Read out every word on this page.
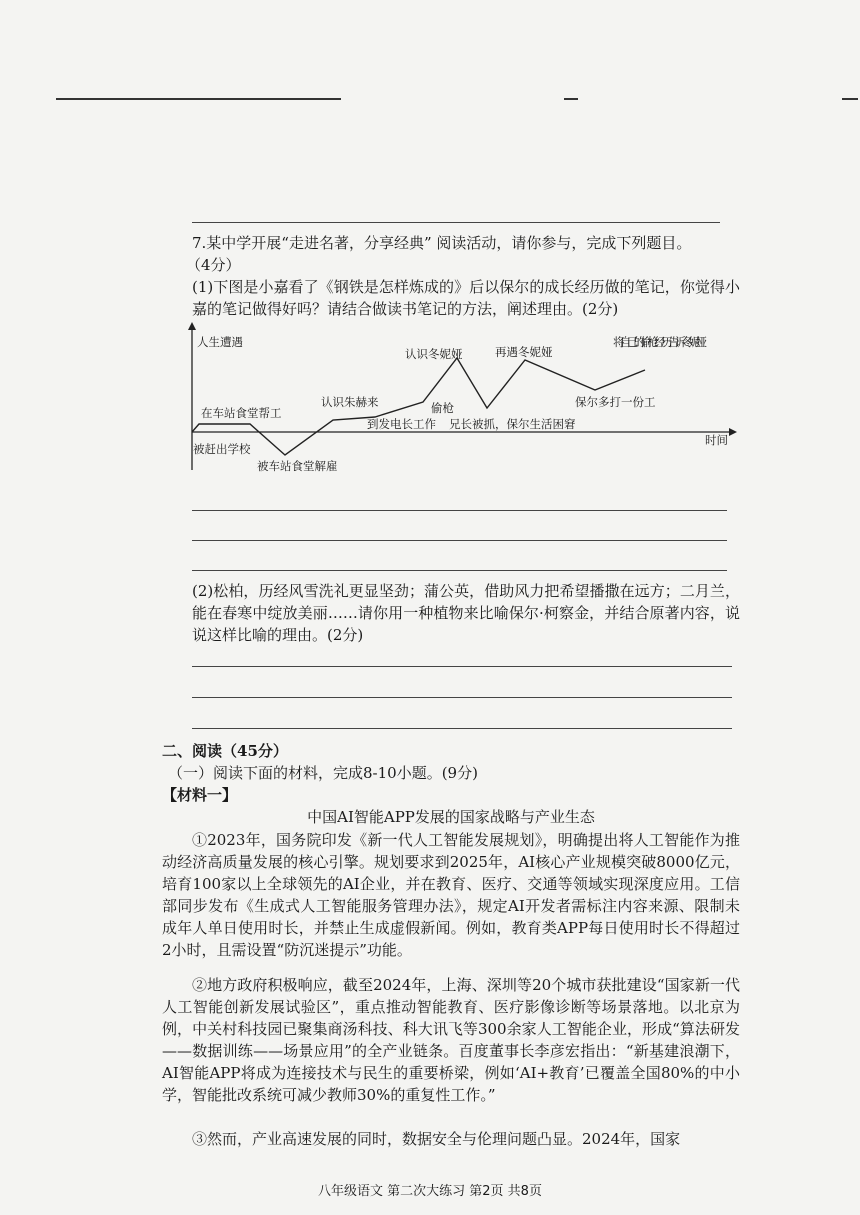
7.某中学开展“走进名著，分享经典” 阅读活动，请你参与，完成下列题目。
（4分）
(1)下图是小嘉看了《钢铁是怎样炼成的》后以保尔的成长经历做的笔记，你觉得小嘉的笔记做得好吗？请结合做读书笔记的方法，阐述理由。(2分)
人生遭遇
时间
在车站食堂帮工
被赶出学校
被车站食堂解雇
认识朱赫来
到发电长工作
偷枪
认识冬妮娅
兄长被抓，保尔生活困窘
再遇冬妮娅
保尔多打一份工
将自己的偷枪经历告诉冬妮娅
(2)松柏，历经风雪洗礼更显坚劲；蒲公英，借助风力把希望播撒在远方；二月兰，能在春寒中绽放美丽……请你用一种植物来比喻保尔·柯察金，并结合原著内容，说说这样比喻的理由。(2分)
二、阅读（45分）
（一）阅读下面的材料，完成8-10小题。(9分)
【材料一】
中国AI智能APP发展的国家战略与产业生态
①2023年，国务院印发《新一代人工智能发展规划》，明确提出将人工智能作为推动经济高质量发展的核心引擎。规划要求到2025年，AI核心产业规模突破8000亿元，培育100家以上全球领先的AI企业，并在教育、医疗、交通等领域实现深度应用。工信部同步发布《生成式人工智能服务管理办法》，规定AI开发者需标注内容来源、限制未成年人单日使用时长，并禁止生成虚假新闻。例如，教育类APP每日使用时长不得超过2小时，且需设置“防沉迷提示”功能。
②地方政府积极响应，截至2024年，上海、深圳等20个城市获批建设“国家新一代人工智能创新发展试验区”，重点推动智能教育、医疗影像诊断等场景落地。以北京为例，中关村科技园已聚集商汤科技、科大讯飞等300余家人工智能企业，形成“算法研发——数据训练——场景应用”的全产业链条。百度董事长李彦宏指出：“新基建浪潮下，AI智能APP将成为连接技术与民生的重要桥梁，例如‘AI+教育’已覆盖全国80%的中小学，智能批改系统可减少教师30%的重复性工作。”
③然而，产业高速发展的同时，数据安全与伦理问题凸显。2024年，国家
八年级语文 第二次大练习 第2页 共8页
